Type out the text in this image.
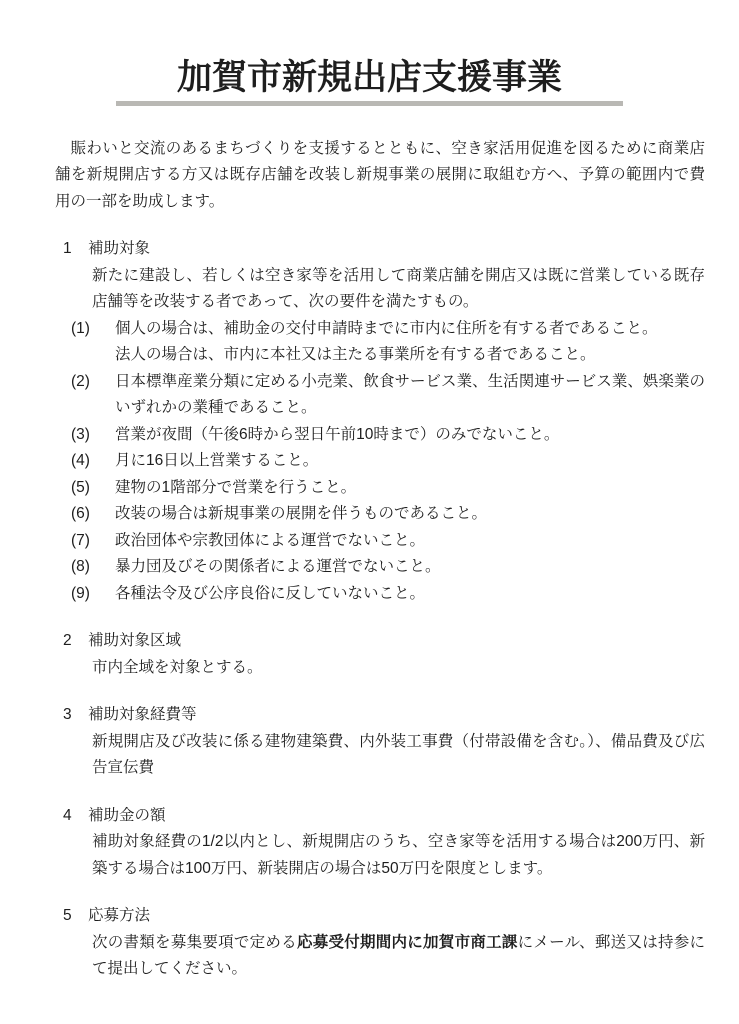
加賀市新規出店支援事業

賑わいと交流のあるまちづくりを支援するとともに、空き家活用促進を図るために商業店舗を新規開店する方又は既存店舗を改装し新規事業の展開に取組む方へ、予算の範囲内で費用の一部を助成します。

1	補助対象
新たに建設し、若しくは空き家等を活用して商業店舗を開店又は既に営業している既存店舗等を改装する者であって、次の要件を満たすもの。
(1)	個人の場合は、補助金の交付申請時までに市内に住所を有する者であること。
法人の場合は、市内に本社又は主たる事業所を有する者であること。
(2)	日本標準産業分類に定める小売業、飲食サービス業、生活関連サービス業、娯楽業のいずれかの業種であること。
(3)	営業が夜間（午後6時から翌日午前10時まで）のみでないこと。
(4)	月に16日以上営業すること。
(5)	建物の1階部分で営業を行うこと。
(6)	改装の場合は新規事業の展開を伴うものであること。
(7)	政治団体や宗教団体による運営でないこと。
(8)	暴力団及びその関係者による運営でないこと。
(9)	各種法令及び公序良俗に反していないこと。
2	補助対象区域
市内全域を対象とする。
3	補助対象経費等
新規開店及び改装に係る建物建築費、内外装工事費（付帯設備を含む。）、備品費及び広告宣伝費
4	補助金の額
補助対象経費の1/2以内とし、新規開店のうち、空き家等を活用する場合は200万円、新築する場合は100万円、新装開店の場合は50万円を限度とします。
5	応募方法
次の書類を募集要項で定める応募受付期間内に加賀市商工課にメール、郵送又は持参にて提出してください。
